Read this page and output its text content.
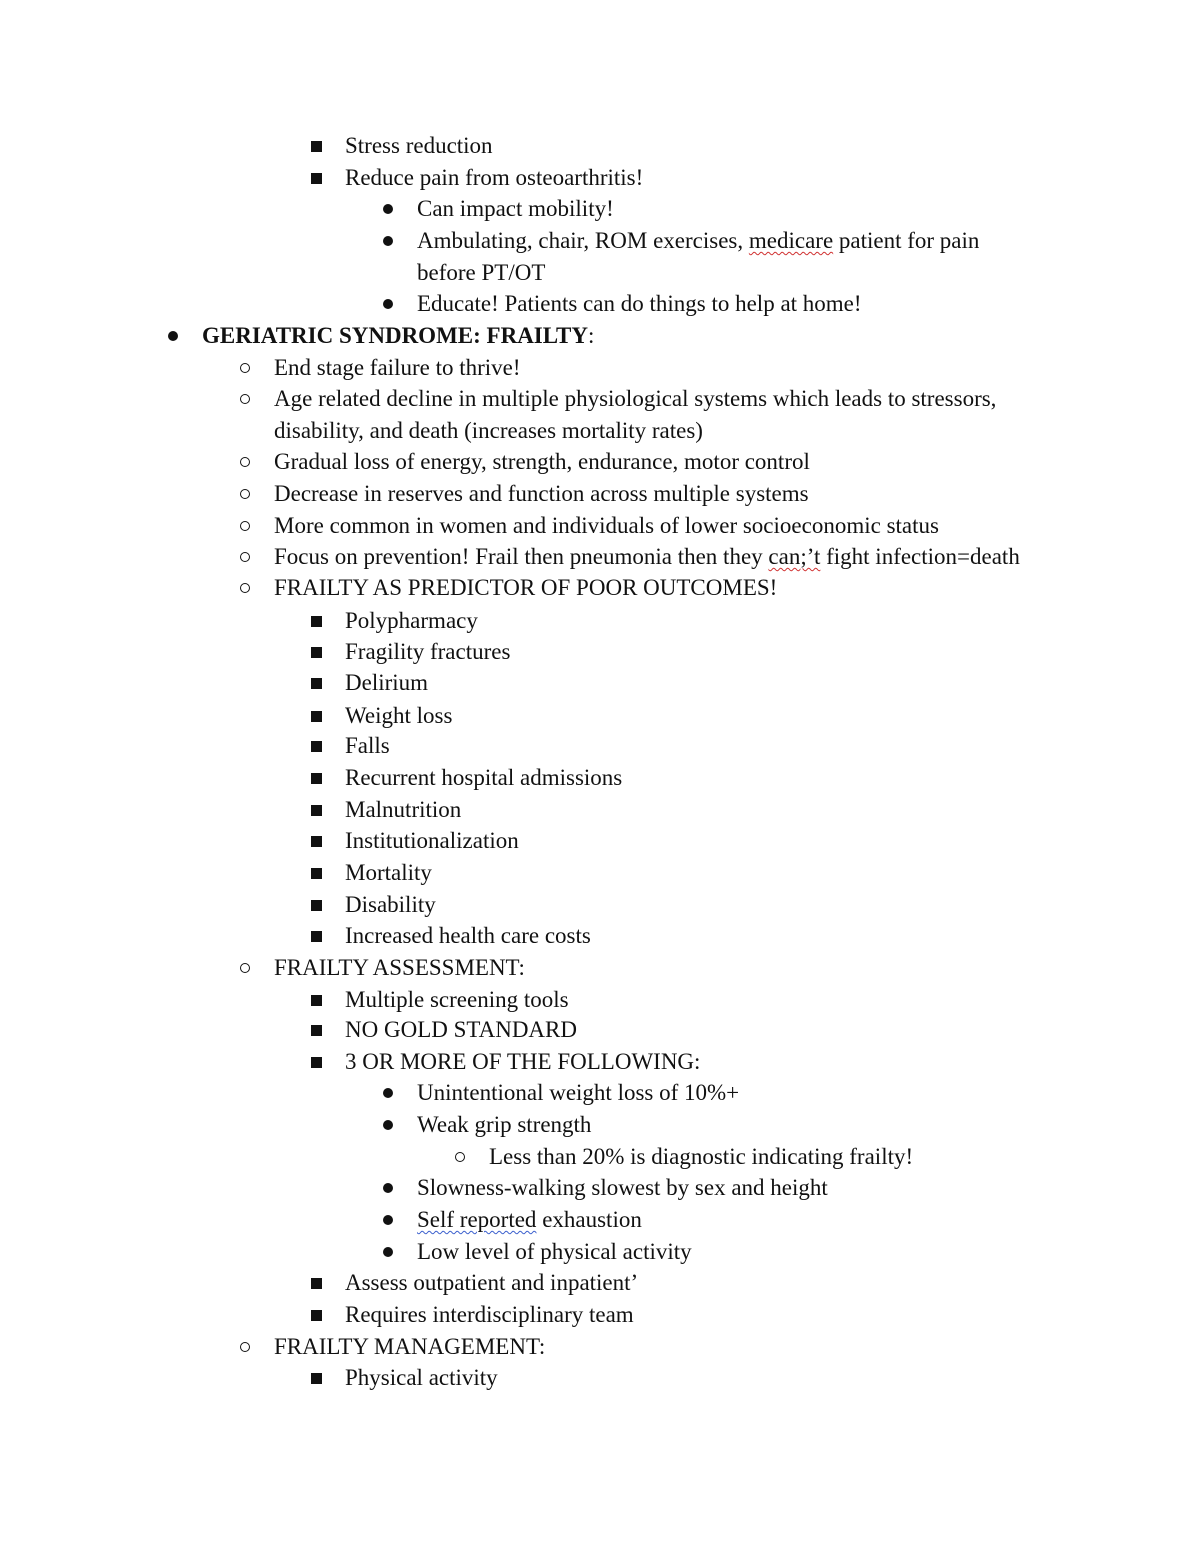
Stress reduction
Reduce pain from osteoarthritis!
Can impact mobility!
Ambulating, chair, ROM exercises, medicare patient for pain
before PT/OT
Educate! Patients can do things to help at home!
GERIATRIC SYNDROME: FRAILTY:
End stage failure to thrive!
Age related decline in multiple physiological systems which leads to stressors,
disability, and death (increases mortality rates)
Gradual loss of energy, strength, endurance, motor control
Decrease in reserves and function across multiple systems
More common in women and individuals of lower socioeconomic status
Focus on prevention! Frail then pneumonia then they can;’t fight infection=death
FRAILTY AS PREDICTOR OF POOR OUTCOMES!
Polypharmacy
Fragility fractures
Delirium
Weight loss
Falls
Recurrent hospital admissions
Malnutrition
Institutionalization
Mortality
Disability
Increased health care costs
FRAILTY ASSESSMENT:
Multiple screening tools
NO GOLD STANDARD
3 OR MORE OF THE FOLLOWING:
Unintentional weight loss of 10%+
Weak grip strength
Less than 20% is diagnostic indicating frailty!
Slowness-walking slowest by sex and height
Self reported exhaustion
Low level of physical activity
Assess outpatient and inpatient’
Requires interdisciplinary team
FRAILTY MANAGEMENT:
Physical activity
